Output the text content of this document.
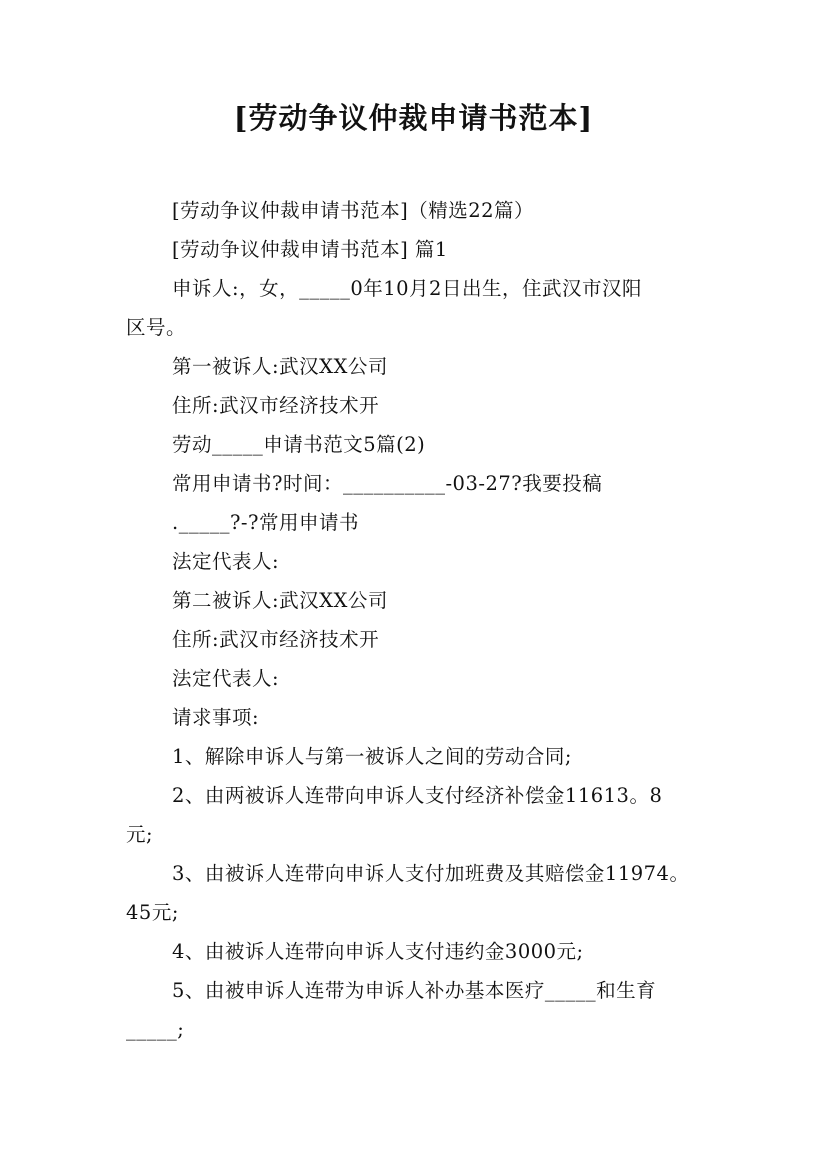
[劳动争议仲裁申请书范本]
[劳动争议仲裁申请书范本]（精选22篇）
[劳动争议仲裁申请书范本] 篇1
申诉人:，女，_____0年10月2日出生，住武汉市汉阳
区号。
第一被诉人:武汉XX公司
住所:武汉市经济技术开
劳动_____申请书范文5篇(2)
常用申请书?时间：__________-03-27?我要投稿
._____?-?常用申请书
法定代表人:
第二被诉人:武汉XX公司
住所:武汉市经济技术开
法定代表人:
请求事项:
1、解除申诉人与第一被诉人之间的劳动合同;
2、由两被诉人连带向申诉人支付经济补偿金11613。8
元;
3、由被诉人连带向申诉人支付加班费及其赔偿金11974。
45元;
4、由被诉人连带向申诉人支付违约金3000元;
5、由被申诉人连带为申诉人补办基本医疗_____和生育
_____;
